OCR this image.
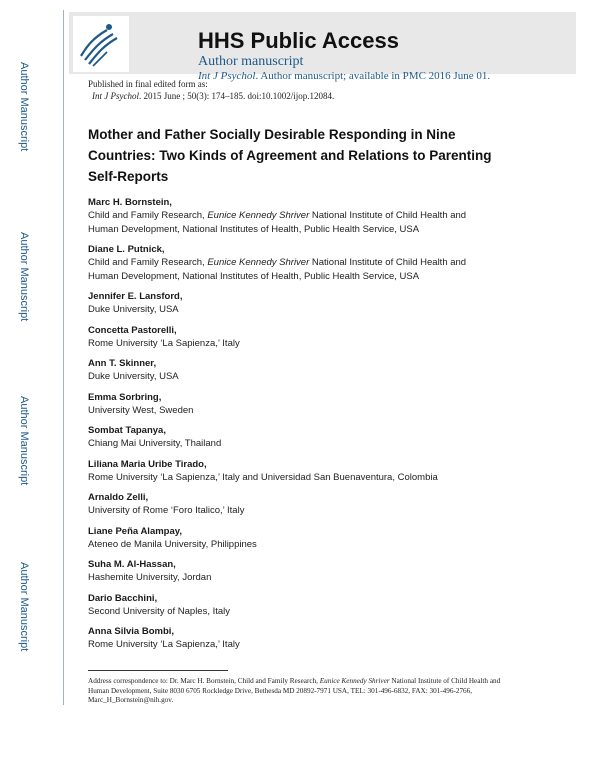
Author Manuscript
Author Manuscript
Author Manuscript
Author Manuscript
HHS Public Access
Author manuscript
Int J Psychol. Author manuscript; available in PMC 2016 June 01.
Published in final edited form as:
Int J Psychol. 2015 June ; 50(3): 174–185. doi:10.1002/ijop.12084.
Mother and Father Socially Desirable Responding in Nine Countries: Two Kinds of Agreement and Relations to Parenting Self-Reports
Marc H. Bornstein,
Child and Family Research, Eunice Kennedy Shriver National Institute of Child Health and Human Development, National Institutes of Health, Public Health Service, USA
Diane L. Putnick,
Child and Family Research, Eunice Kennedy Shriver National Institute of Child Health and Human Development, National Institutes of Health, Public Health Service, USA
Jennifer E. Lansford,
Duke University, USA
Concetta Pastorelli,
Rome University ‘La Sapienza,’ Italy
Ann T. Skinner,
Duke University, USA
Emma Sorbring,
University West, Sweden
Sombat Tapanya,
Chiang Mai University, Thailand
Liliana Maria Uribe Tirado,
Rome University ‘La Sapienza,’ Italy and Universidad San Buenaventura, Colombia
Arnaldo Zelli,
University of Rome ‘Foro Italico,’ Italy
Liane Peña Alampay,
Ateneo de Manila University, Philippines
Suha M. Al-Hassan,
Hashemite University, Jordan
Dario Bacchini,
Second University of Naples, Italy
Anna Silvia Bombi,
Rome University ‘La Sapienza,’ Italy
Address correspondence to: Dr. Marc H. Bornstein, Child and Family Research, Eunice Kennedy Shriver National Institute of Child Health and Human Development, Suite 8030 6705 Rockledge Drive, Bethesda MD 20892-7971 USA, TEL: 301-496-6832, FAX: 301-496-2766, Marc_H_Bornstein@nih.gov.
